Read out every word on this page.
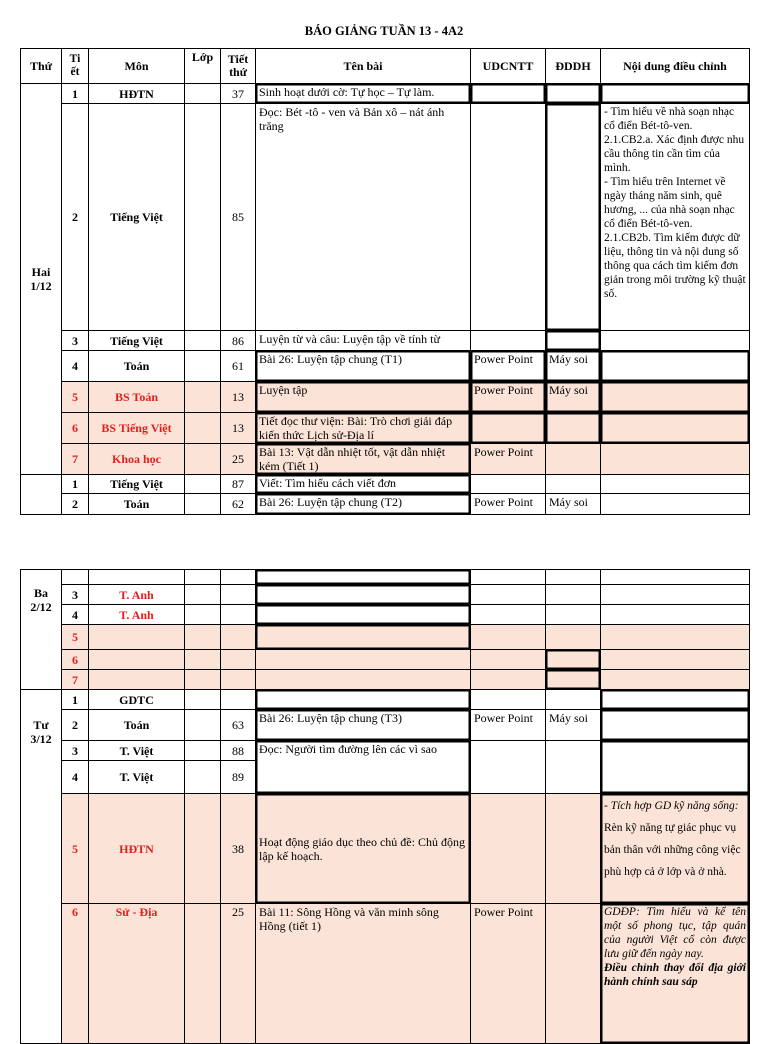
BÁO GIẢNG TUẦN 13 - 4A2
Thứ	Ti ết	Môn	Lớp	Tiết thứ	Tên bài	UDCNTT	ĐDDH	Nội dung điều chỉnh
Hai
1/12	1	HĐTN		37	Sinh hoạt dưới cờ: Tự học – Tự làm.			
	2	Tiếng Việt		85	Đọc: Bét -tô - ven và Bản xô – nát ánh trăng			- Tìm hiểu về nhà soạn nhạc cổ điển Bét-tô-ven.
2.1.CB2.a. Xác định được nhu cầu thông tin cần tìm của mình.
- Tìm hiểu trên Internet về ngày tháng năm sinh, quê hương, ... của nhà soạn nhạc cổ điển Bét-tô-ven.
2.1.CB2b. Tìm kiếm được dữ liệu, thông tin và nội dung số thông qua cách tìm kiếm đơn giản trong môi trường kỹ thuật số.

	3	Tiếng Việt		86	Luyện từ và câu: Luyện tập về tính từ			
	4	Toán		61	Bài 26: Luyện tập chung (T1)	Power Point	Máy soi	
	5	BS Toán		13	Luyện tập	Power Point	Máy soi	
	6	BS Tiếng Việt		13	Tiết đọc thư viện: Bài: Trò chơi giải đáp kiến thức Lịch sử-Địa lí			
	7	Khoa học		25	Bài 13: Vật dẫn nhiệt tốt, vật dẫn nhiệt kém (Tiết 1)	Power Point		
	1	Tiếng Việt		87	Viết: Tìm hiểu cách viết đơn			
	2	Toán		62	Bài 26: Luyện tập chung (T2)	Power Point	Máy soi	
Ba
2/12								
	3	T. Anh						
	4	T. Anh						
	5							
	6							
	7							
Tư
3/12	1	GDTC						
	2	Toán		63	Bài 26: Luyện tập chung (T3)	Power Point	Máy soi	
	3	T. Việt		88	Đọc: Người tìm đường lên các vì sao			
	4	T. Việt		89				
	5	HĐTN		38	Hoạt động giáo dục theo chủ đề: Chủ động lập kế hoạch.			- Tích hợp GD kỹ năng sống: Rèn kỹ năng tự giác phục vụ bản thân với những công việc phù hợp cả ở lớp và ở nhà.
	6	Sử - Địa		25	Bài 11: Sông Hồng và văn minh sông Hồng (tiết 1)	Power Point		GDĐP: Tìm hiểu và kể tên một số phong tục, tập quán của người Việt cổ còn được lưu giữ đến ngày nay.
Điều chỉnh thay đổi địa giới hành chính sau sáp
